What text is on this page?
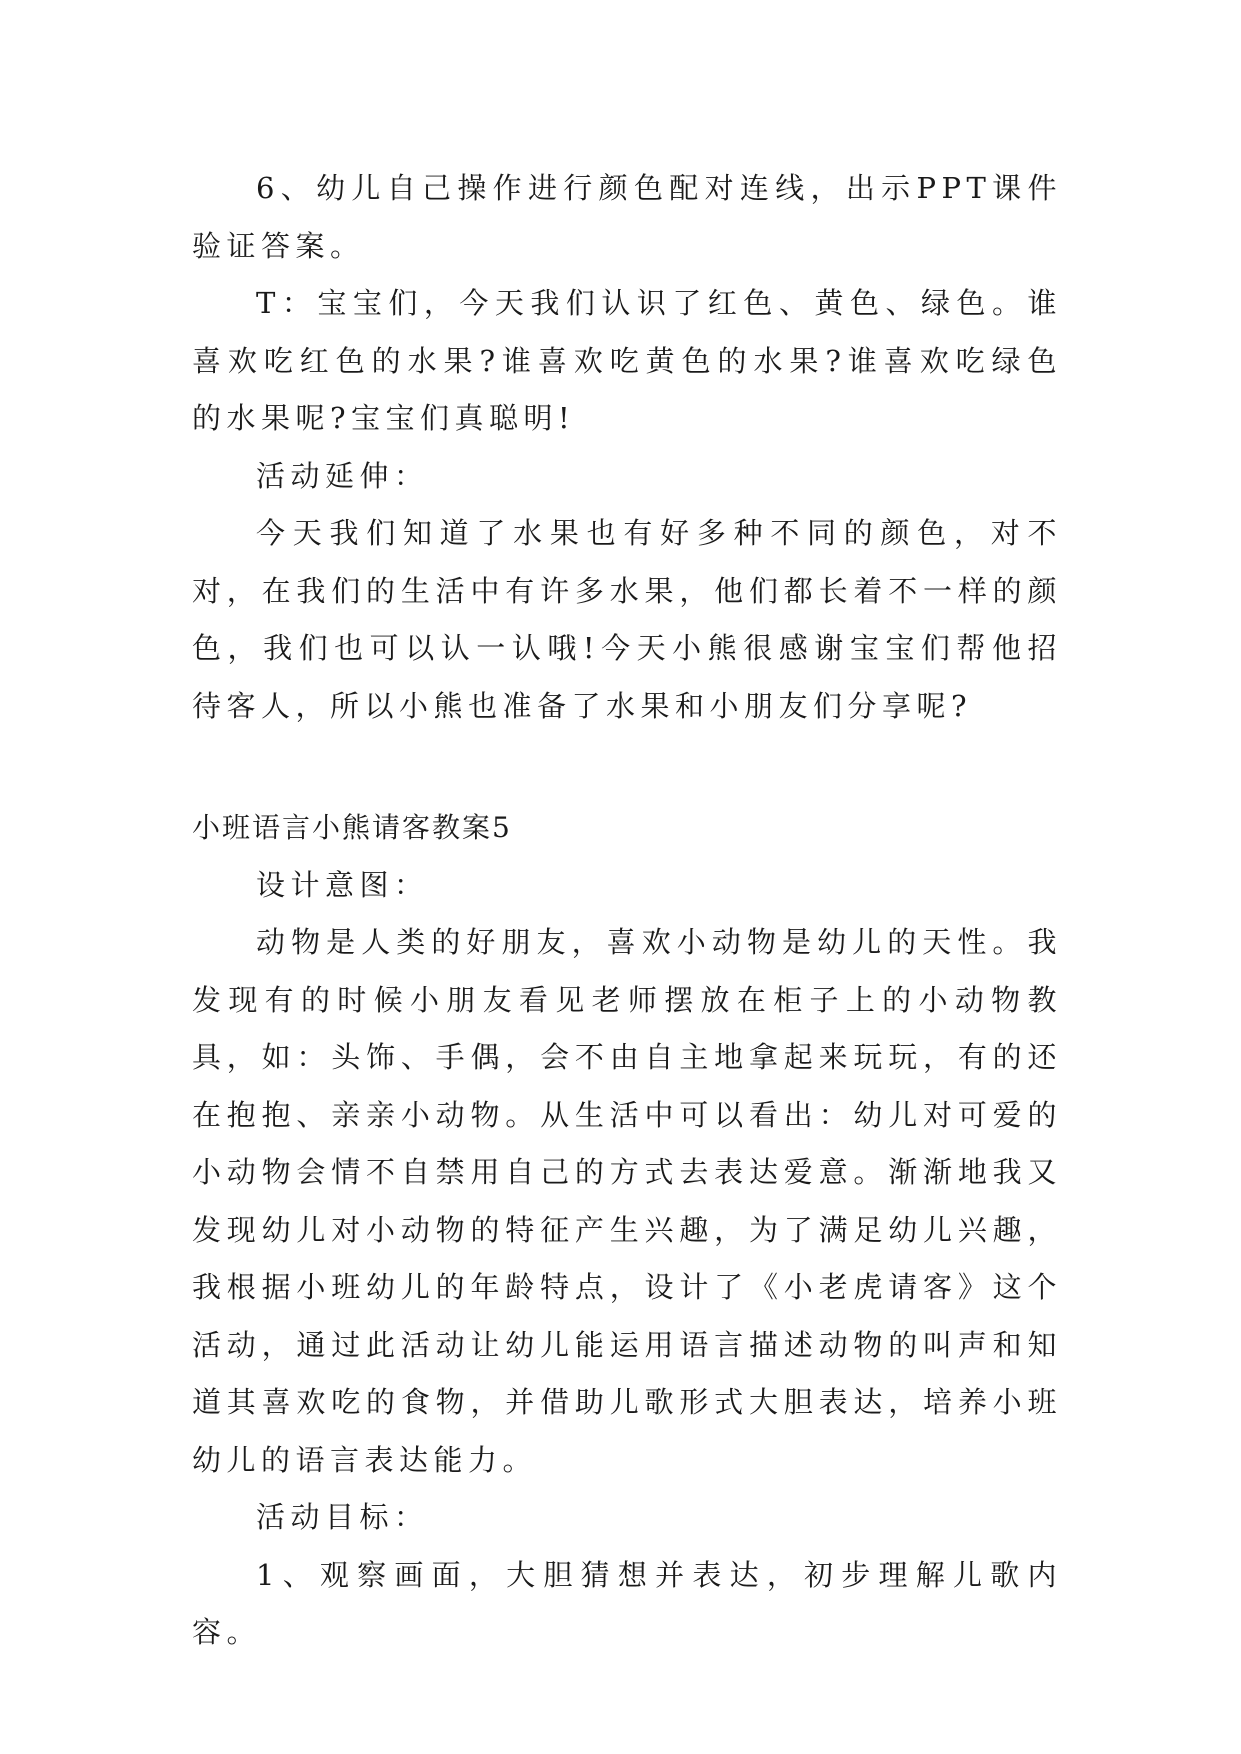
6、幼儿自己操作进行颜色配对连线，出示PPT课件验证答案。

T：宝宝们，今天我们认识了红色、黄色、绿色。谁喜欢吃红色的水果?谁喜欢吃黄色的水果?谁喜欢吃绿色的水果呢?宝宝们真聪明!

活动延伸：

今天我们知道了水果也有好多种不同的颜色，对不对，在我们的生活中有许多水果，他们都长着不一样的颜色，我们也可以认一认哦!今天小熊很感谢宝宝们帮他招待客人，所以小熊也准备了水果和小朋友们分享呢?

小班语言小熊请客教案5

设计意图：

动物是人类的好朋友，喜欢小动物是幼儿的天性。我发现有的时候小朋友看见老师摆放在柜子上的小动物教具，如：头饰、手偶，会不由自主地拿起来玩玩，有的还在抱抱、亲亲小动物。从生活中可以看出：幼儿对可爱的小动物会情不自禁用自己的方式去表达爱意。渐渐地我又发现幼儿对小动物的特征产生兴趣，为了满足幼儿兴趣，我根据小班幼儿的年龄特点，设计了《小老虎请客》这个活动，通过此活动让幼儿能运用语言描述动物的叫声和知道其喜欢吃的食物，并借助儿歌形式大胆表达，培养小班幼儿的语言表达能力。

活动目标：

1、观察画面，大胆猜想并表达，初步理解儿歌内容。
